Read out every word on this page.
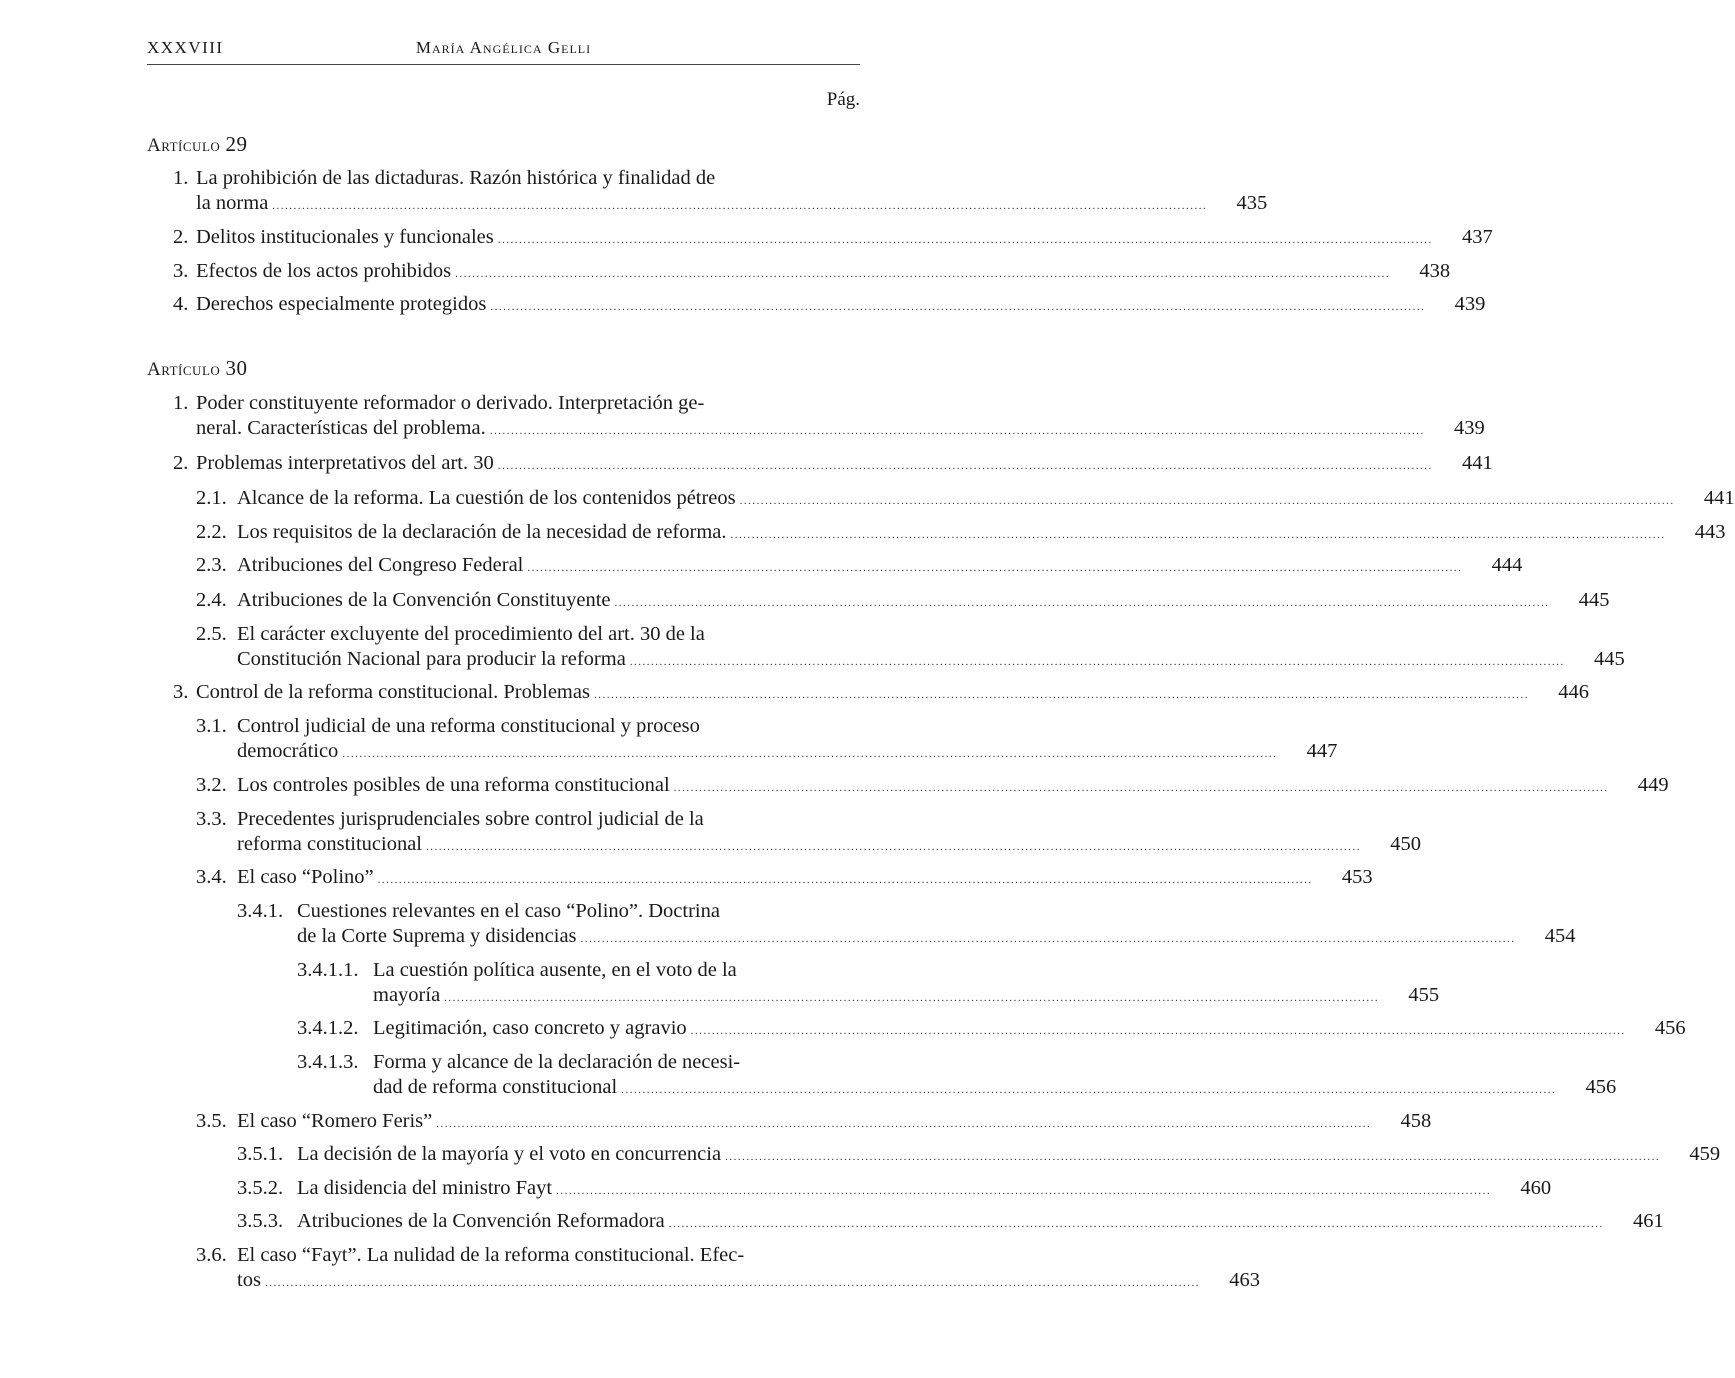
XXXVIII	María Angélica Gelli
Pág.
Artículo 29
Artículo 30
1. La prohibición de las dictaduras. Razón histórica y finalidad de
la norma ............................................................................................................................................................................................................................ 435
2. Delitos institucionales y funcionales ............................................................................................................................................................................................................................ 437
3. Efectos de los actos prohibidos ............................................................................................................................................................................................................................ 438
4. Derechos especialmente protegidos ............................................................................................................................................................................................................................ 439
1. Poder constituyente reformador o derivado. Interpretación ge-
neral. Características del problema. ............................................................................................................................................................................................................................ 439
2. Problemas interpretativos del art. 30 ............................................................................................................................................................................................................................ 441
2.1. Alcance de la reforma. La cuestión de los contenidos pétreos ............................................................................................................................................................................................................................ 441
2.2. Los requisitos de la declaración de la necesidad de reforma. ............................................................................................................................................................................................................................ 443
2.3. Atribuciones del Congreso Federal ............................................................................................................................................................................................................................ 444
2.4. Atribuciones de la Convención Constituyente ............................................................................................................................................................................................................................ 445
2.5. El carácter excluyente del procedimiento del art. 30 de la
Constitución Nacional para producir la reforma ............................................................................................................................................................................................................................ 445
3. Control de la reforma constitucional. Problemas ............................................................................................................................................................................................................................ 446
3.1. Control judicial de una reforma constitucional y proceso
democrático ............................................................................................................................................................................................................................ 447
3.2. Los controles posibles de una reforma constitucional ............................................................................................................................................................................................................................ 449
3.3. Precedentes jurisprudenciales sobre control judicial de la
reforma constitucional ............................................................................................................................................................................................................................ 450
3.4. El caso “Polino” ............................................................................................................................................................................................................................ 453
3.4.1. Cuestiones relevantes en el caso “Polino”. Doctrina
de la Corte Suprema y disidencias ............................................................................................................................................................................................................................ 454
3.4.1.1. La cuestión política ausente, en el voto de la
mayoría ............................................................................................................................................................................................................................ 455
3.4.1.2. Legitimación, caso concreto y agravio ............................................................................................................................................................................................................................ 456
3.4.1.3. Forma y alcance de la declaración de necesi-
dad de reforma constitucional ............................................................................................................................................................................................................................ 456
3.5. El caso “Romero Feris” ............................................................................................................................................................................................................................ 458
3.5.1. La decisión de la mayoría y el voto en concurrencia ............................................................................................................................................................................................................................ 459
3.5.2. La disidencia del ministro Fayt ............................................................................................................................................................................................................................ 460
3.5.3. Atribuciones de la Convención Reformadora ............................................................................................................................................................................................................................ 461
3.6. El caso “Fayt”. La nulidad de la reforma constitucional. Efec-
tos ............................................................................................................................................................................................................................ 463
